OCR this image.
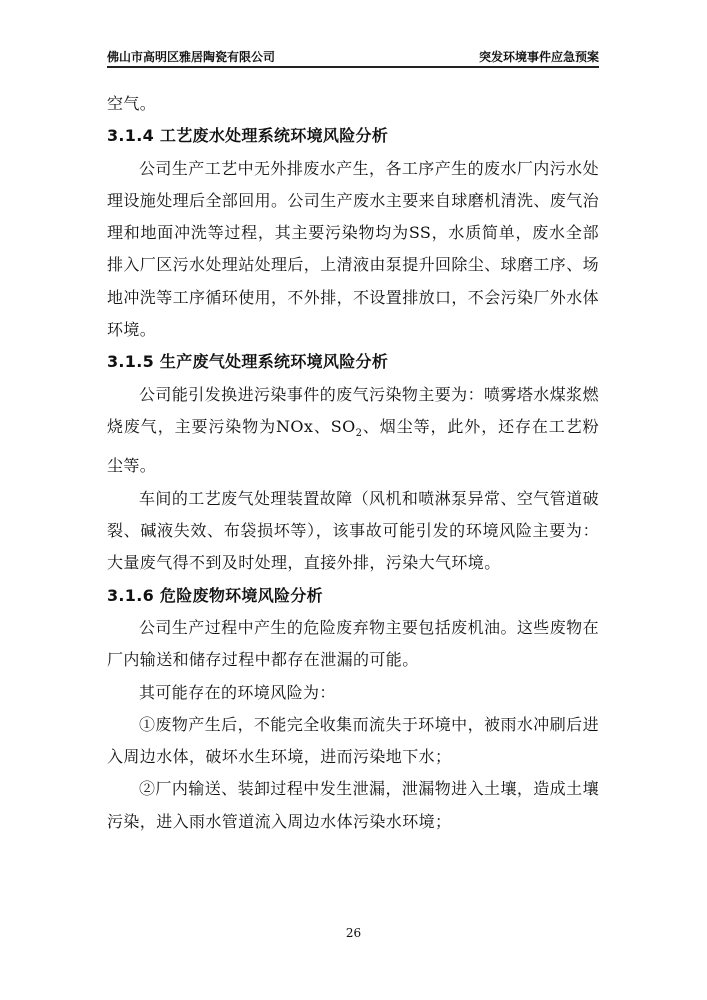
佛山市高明区雅居陶瓷有限公司	突发环境事件应急预案

空气。

3.1.4 工艺废水处理系统环境风险分析

公司生产工艺中无外排废水产生，各工序产生的废水厂内污水处理设施处理后全部回用。公司生产废水主要来自球磨机清洗、废气治理和地面冲洗等过程，其主要污染物均为SS，水质简单，废水全部排入厂区污水处理站处理后，上清液由泵提升回除尘、球磨工序、场地冲洗等工序循环使用，不外排，不设置排放口，不会污染厂外水体环境。

3.1.5 生产废气处理系统环境风险分析

公司能引发换进污染事件的废气污染物主要为：喷雾塔水煤浆燃烧废气，主要污染物为NOx、$SO_2$、烟尘等，此外，还存在工艺粉尘等。

车间的工艺废气处理装置故障（风机和喷淋泵异常、空气管道破裂、碱液失效、布袋损坏等），该事故可能引发的环境风险主要为：大量废气得不到及时处理，直接外排，污染大气环境。

3.1.6 危险废物环境风险分析

公司生产过程中产生的危险废弃物主要包括废机油。这些废物在厂内输送和储存过程中都存在泄漏的可能。

其可能存在的环境风险为：

①废物产生后，不能完全收集而流失于环境中，被雨水冲刷后进入周边水体，破坏水生环境，进而污染地下水；

②厂内输送、装卸过程中发生泄漏，泄漏物进入土壤，造成土壤污染，进入雨水管道流入周边水体污染水环境；

26
